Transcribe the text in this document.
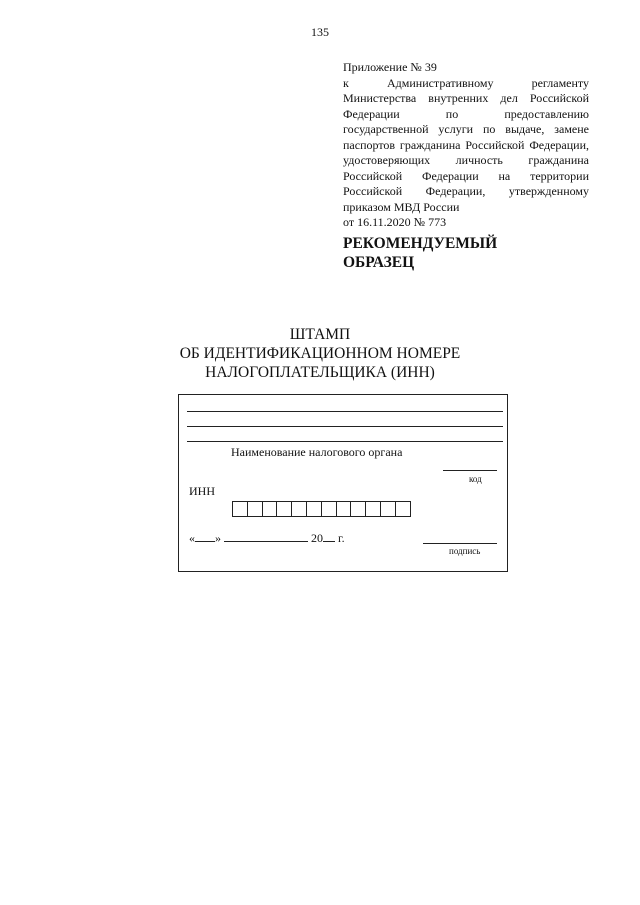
135
Приложение № 39
к Административному регламенту Министерства внутренних дел Российской Федерации по предоставлению государственной услуги по выдаче, замене паспортов гражданина Российской Федерации, удостоверяющих личность гражданина Российской Федерации на территории Российской Федерации, утвержденному приказом МВД России
от 16.11.2020 № 773
РЕКОМЕНДУЕМЫЙ
ОБРАЗЕЦ
ШТАМП
ОБ ИДЕНТИФИКАЦИОННОМ НОМЕРЕ
НАЛОГОПЛАТЕЛЬЩИКА (ИНН)
Наименование налогового органа
код
ИНН
« »	20 г.
подпись
